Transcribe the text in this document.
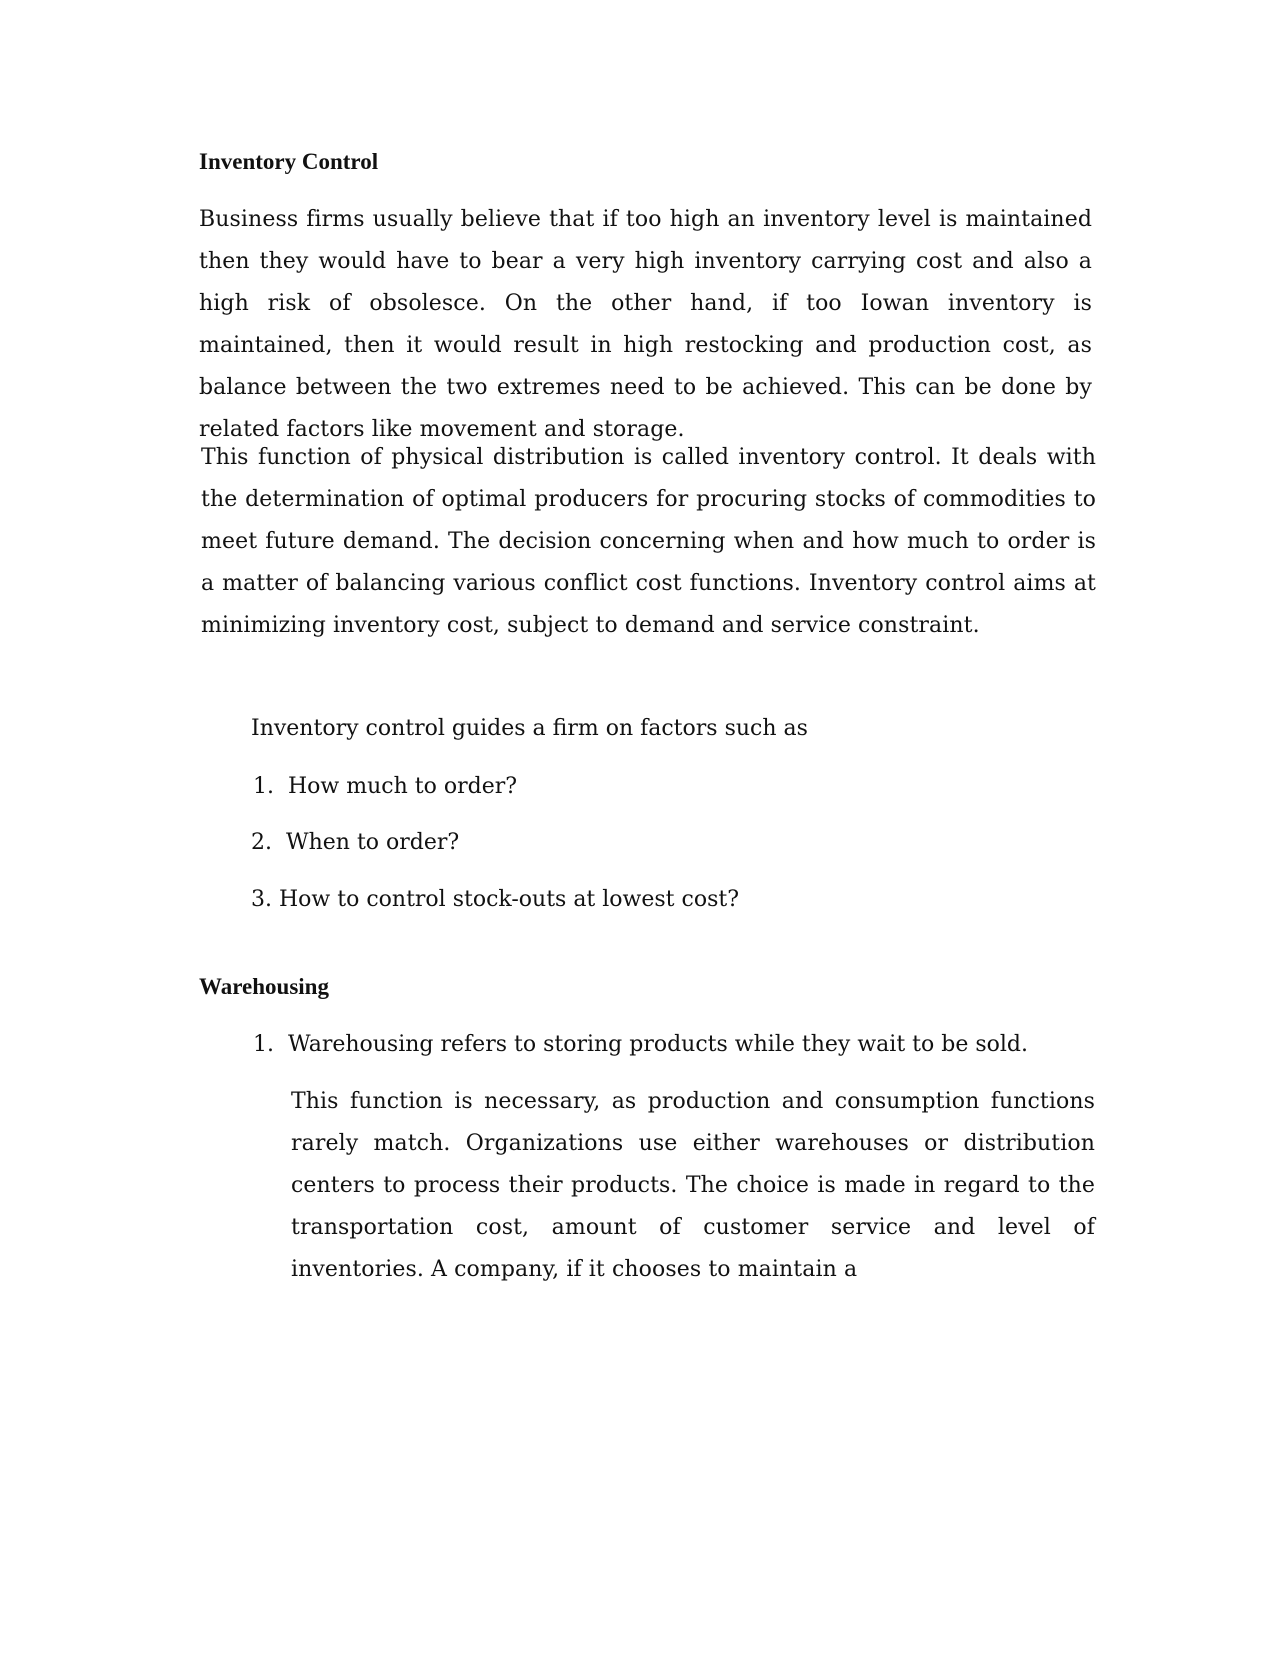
Inventory Control

Business firms usually believe that if too high an inventory level is maintained then they would have to bear a very high inventory carrying cost and also a high risk of obsolesce. On the other hand, if too Iowan inventory is maintained, then it would result in high restocking and production cost, as balance between the two extremes need to be achieved. This can be done by related factors like movement and storage.

This function of physical distribution is called inventory control. It deals with the determination of optimal producers for procuring stocks of commodities to meet future demand. The decision concerning when and how much to order is a matter of balancing various conflict cost functions. Inventory control aims at minimizing inventory cost, subject to demand and service constraint.

Inventory control guides a firm on factors such as

1. How much to order?

2. When to order?

3. How to control stock-outs at lowest cost?

Warehousing

1. Warehousing refers to storing products while they wait to be sold.

This function is necessary, as production and consumption functions rarely match. Organizations use either warehouses or distribution centers to process their products. The choice is made in regard to the transportation cost, amount of customer service and level of inventories. A company, if it chooses to maintain a
